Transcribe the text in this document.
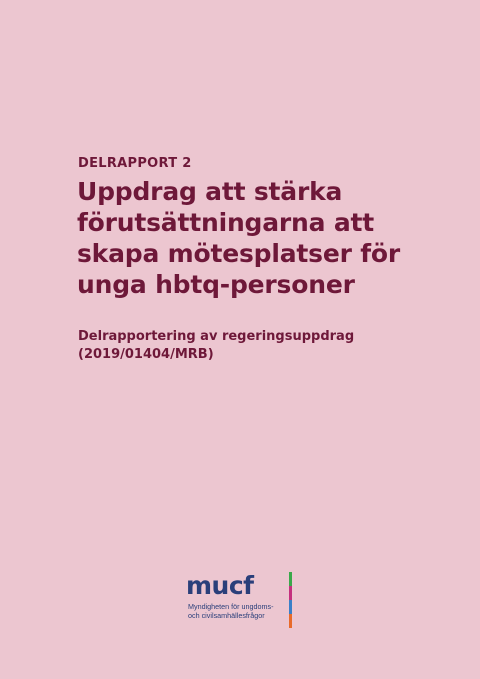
DELRAPPORT 2
Uppdrag att stärka
förutsättningarna att
skapa mötesplatser för
unga hbtq-personer
Delrapportering av regeringsuppdrag
(2019/01404/MRB)
mucf
Myndigheten för ungdoms-
och civilsamhällesfrågor
